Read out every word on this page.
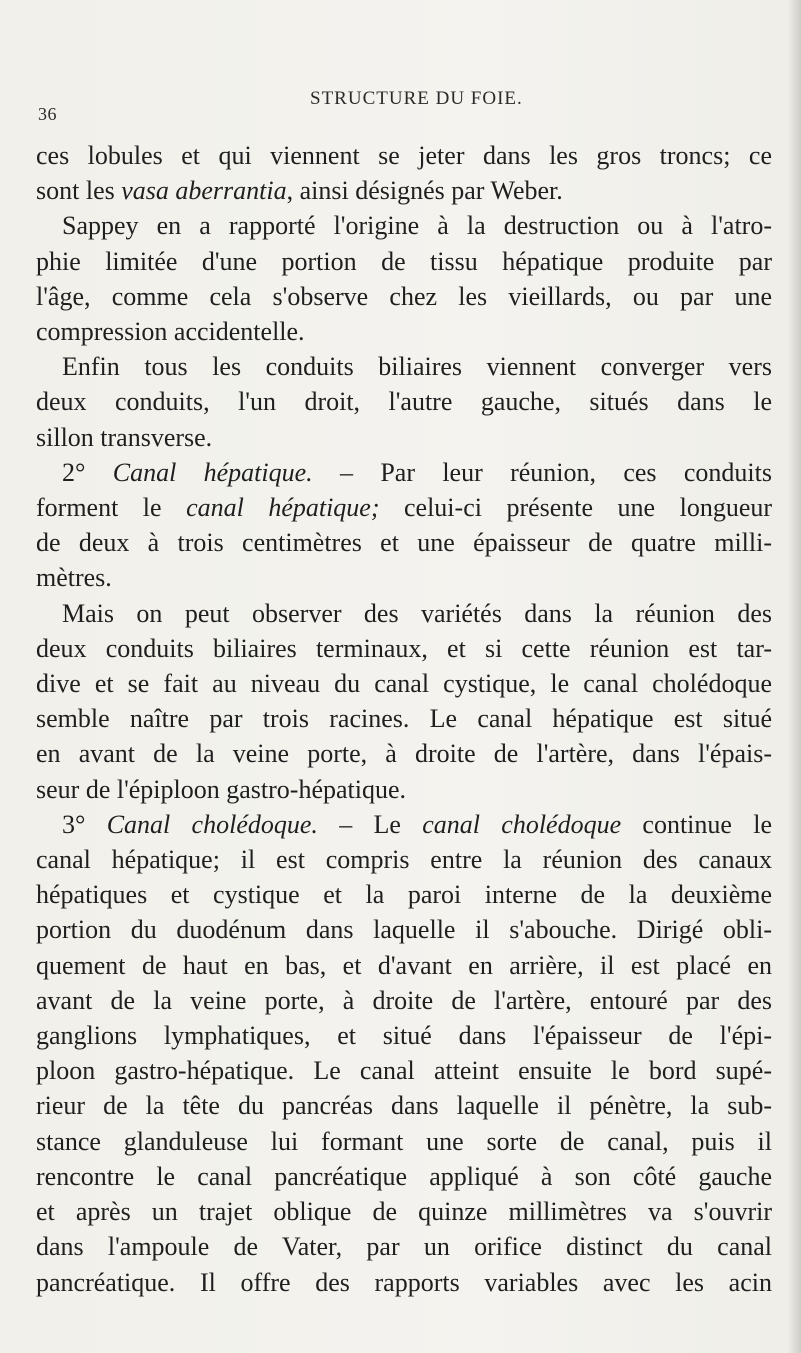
36
STRUCTURE DU FOIE.
ces lobules et qui viennent se jeter dans les gros troncs; ce
sont les vasa aberrantia, ainsi désignés par Weber.
Sappey en a rapporté l'origine à la destruction ou à l'atro-
phie limitée d'une portion de tissu hépatique produite par
l'âge, comme cela s'observe chez les vieillards, ou par une
compression accidentelle.
Enfin tous les conduits biliaires viennent converger vers
deux conduits, l'un droit, l'autre gauche, situés dans le
sillon transverse.
2° Canal hépatique. – Par leur réunion, ces conduits
forment le canal hépatique; celui-ci présente une longueur
de deux à trois centimètres et une épaisseur de quatre milli-
mètres.
Mais on peut observer des variétés dans la réunion des
deux conduits biliaires terminaux, et si cette réunion est tar-
dive et se fait au niveau du canal cystique, le canal cholédoque
semble naître par trois racines. Le canal hépatique est situé
en avant de la veine porte, à droite de l'artère, dans l'épais-
seur de l'épiploon gastro-hépatique.
3° Canal cholédoque. – Le canal cholédoque continue le
canal hépatique; il est compris entre la réunion des canaux
hépatiques et cystique et la paroi interne de la deuxième
portion du duodénum dans laquelle il s'abouche. Dirigé obli-
quement de haut en bas, et d'avant en arrière, il est placé en
avant de la veine porte, à droite de l'artère, entouré par des
ganglions lymphatiques, et situé dans l'épaisseur de l'épi-
ploon gastro-hépatique. Le canal atteint ensuite le bord supé-
rieur de la tête du pancréas dans laquelle il pénètre, la sub-
stance glanduleuse lui formant une sorte de canal, puis il
rencontre le canal pancréatique appliqué à son côté gauche
et après un trajet oblique de quinze millimètres va s'ouvrir
dans l'ampoule de Vater, par un orifice distinct du canal
pancréatique. Il offre des rapports variables avec les acin
